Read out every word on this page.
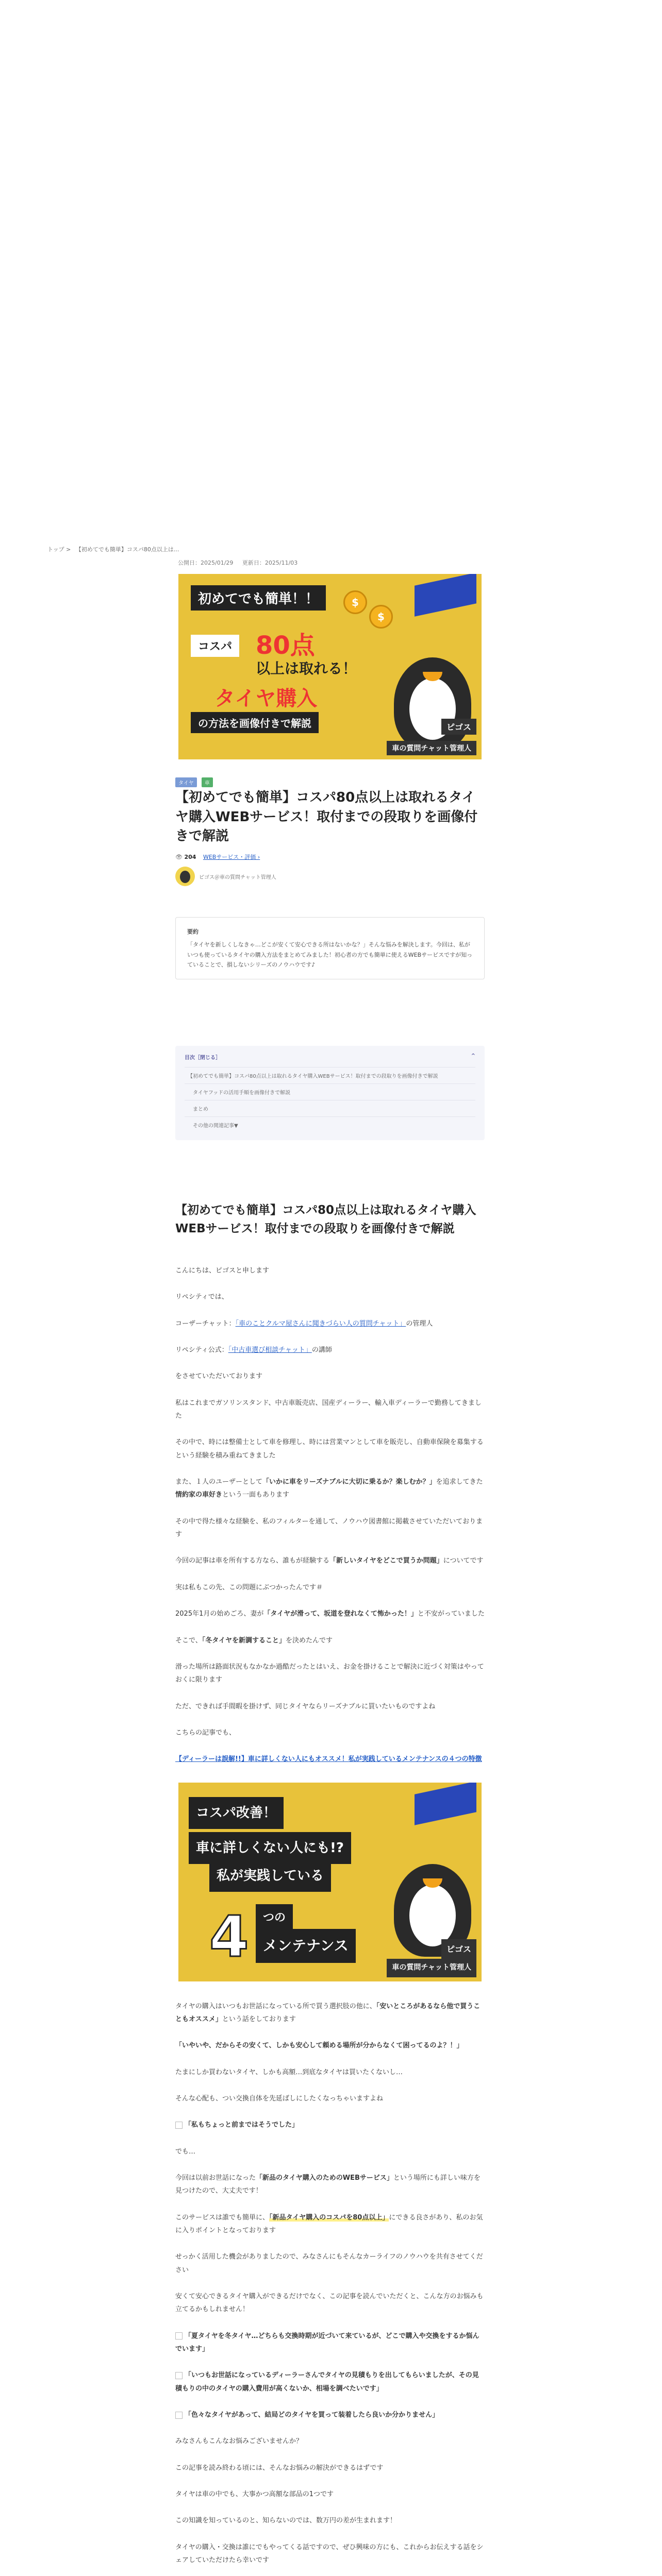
トップ > 【初めてでも簡単】コスパ80点以上は...
公開日：2025/01/29 更新日：2025/11/03
初めてでも簡単！！
コスパ 80点
以上は取れる！
タイヤ購入
の方法を画像付きで解説
$
$
ピゴス
車の質問チャット管理人
タイヤ 車
【初めてでも簡単】コスパ80点以上は取れるタイヤ購入WEBサービス！取付までの段取りを画像付きで解説
👁 204 WEBサービス・評価 ›
ピゴス＠車の質問チャット管理人
要約
「タイヤを新しくしなきゃ…どこが安くて安心できる所はないかな？」そんな悩みを解決します。今回は、私がいつも使っているタイヤの購入方法をまとめてみました！初心者の方でも簡単に使えるWEBサービスですが知っていることで、損しないシリーズのノウハウです♪
目次［閉じる］	^
【初めてでも簡単】コスパ80点以上は取れるタイヤ購入WEBサービス！取付までの段取りを画像付きで解説
タイヤフッドの活用手順を画像付きで解説
まとめ
その他の関連記事▼
【初めてでも簡単】コスパ80点以上は取れるタイヤ購入WEBサービス！取付までの段取りを画像付きで解説

こんにちは、ピゴスと申します

リペシティでは、

コーザーチャット：「車のことクルマ屋さんに聞きづらい人の質問チャット」の管理人

リペシティ公式：「中古車選び相談チャット」の講師

をさせていただいております

私はこれまでガソリンスタンド、中古車販売店、国産ディーラー、輸入車ディーラーで勤務してきました

その中で、時には整備士として車を修理し、時には営業マンとして車を販売し、自動車保険を募集するという経験を積み重ねてきました

また、１人のユーザーとして「いかに車をリーズナブルに大切に乗るか？楽しむか？」を追求してきた情約家の車好きという一面もあります

その中で得た様々な経験を、私のフィルターを通して、ノウハウ図書館に掲載させていただいております

今回の記事は車を所有する方なら、誰もが経験する「新しいタイヤをどこで買うか問題」についてです

実は私もこの先、この問題にぶつかったんです＃

2025年1月の始めごろ、妻が「タイヤが滑って、坂道を登れなくて怖かった！」と不安がっていました

そこで、「冬タイヤを新調すること」を決めたんです

滑った場所は路面状況もなかなか過酷だったとはいえ、お金を掛けることで解決に近づく対策はやっておくに限ります

ただ、できれば手間暇を掛けず、同じタイヤならリーズナブルに買いたいものですよね

こちらの記事でも、

【ディーラーは誤解!!】車に詳しくない人にもオススメ！私が実践しているメンテナンスの４つの特徴

コスパ改善！
車に詳しくない人にも!?
私が実践している
4	つの
メンテナンス	ピゴス
車の質問チャット管理人

タイヤの購入はいつもお世話になっている所で買う選択肢の他に、「安いところがあるなら他で買うこともオススメ」という話をしております

「いやいや、だからその安くて、しかも安心して頼める場所が分からなくて困ってるのよ？！」

たまにしか買わないタイヤ、しかも高額…到底なタイヤは買いたくないし…

そんな心配も、つい交換自体を先延ばしにしたくなっちゃいますよね

「私もちょっと前まではそうでした」

でも…

今回は以前お世話になった「新品のタイヤ購入のためのWEBサービス」という場所にも詳しい味方を見つけたので、大丈夫です！

このサービスは誰でも簡単に、「新品タイヤ購入のコスパを80点以上」にできる良さがあり、私のお気に入りポイントとなっております

せっかく活用した機会がありましたので、みなさんにもそんなカーライフのノウハウを共有させてください

安くて安心できるタイヤ購入ができるだけでなく、この記事を読んでいただくと、こんな方のお悩みも立てるかもしれません！

「夏タイヤを冬タイヤ…どちらも交換時期が近づいて来ているが、どこで購入や交換をするか悩んでいます」

「いつもお世話になっているディーラーさんでタイヤの見積もりを出してもらいましたが、その見積もりの中のタイヤの購入費用が高くないか、相場を調べたいです」

「色々なタイヤがあって、結局どのタイヤを買って装着したら良いか分かりません」

みなさんもこんなお悩みございませんか？

この記事を読み終わる頃には、そんなお悩みの解決ができるはずです

タイヤは車の中でも、大事かつ高額な部品の1つです

この知識を知っているのと、知らないのでは、数万円の差が生まれます！

タイヤの購入・交換は誰にでもやってくる話ですので、ぜひ興味の方にも、これからお伝えする話をシェアしていただけたら幸いです
